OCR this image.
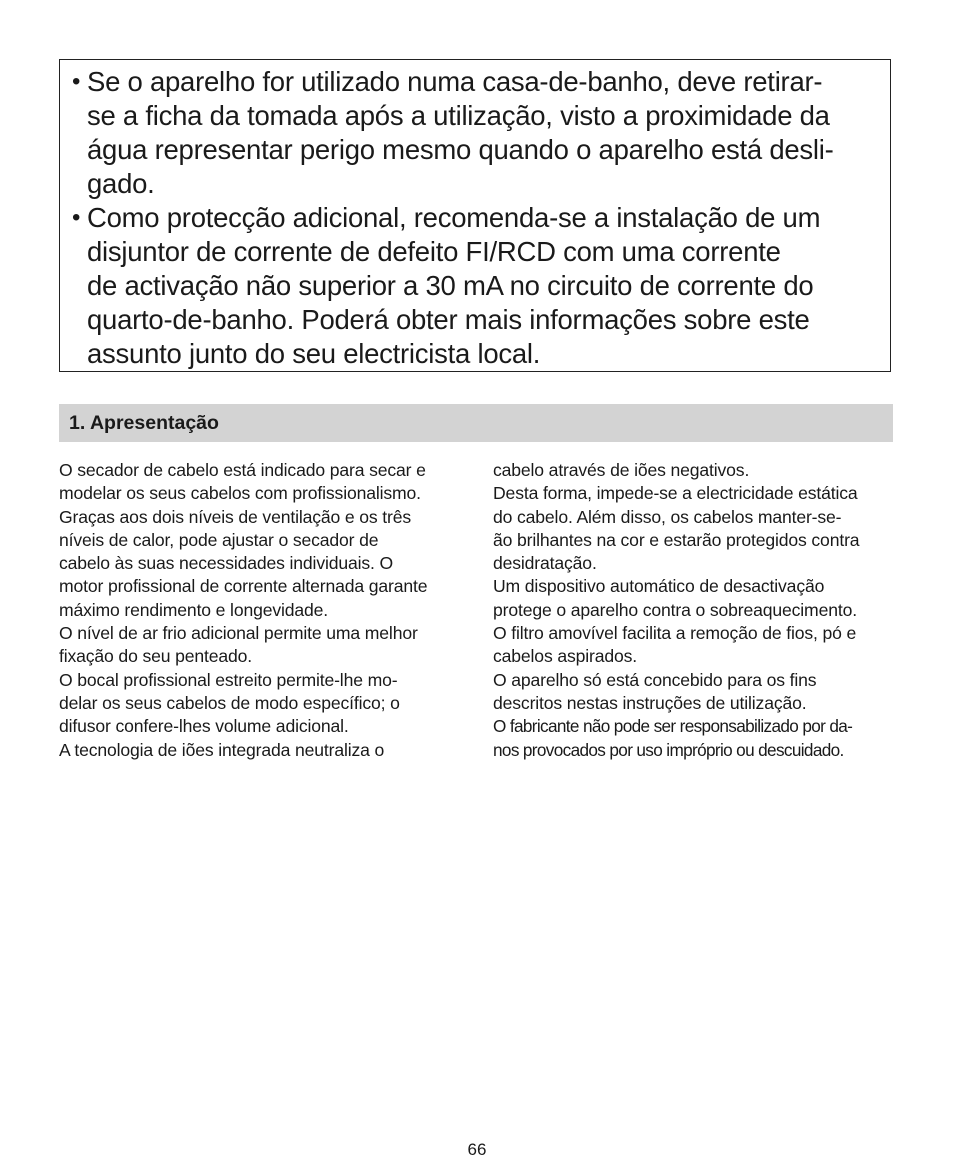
• Se o aparelho for utilizado numa casa-de-banho, deve retirar-
se a ficha da tomada após a utilização, visto a proximidade da
água representar perigo mesmo quando o aparelho está desli-
gado.
• Como protecção adicional, recomenda-se a instalação de um
disjuntor de corrente de defeito FI/RCD com uma corrente
de activação não superior a 30 mA no circuito de corrente do
quarto-de-banho. Poderá obter mais informações sobre este
assunto junto do seu electricista local.
1. Apresentação
O secador de cabelo está indicado para secar e
modelar os seus cabelos com profissionalismo.
Graças aos dois níveis de ventilação e os três
níveis de calor, pode ajustar o secador de
cabelo às suas necessidades individuais. O
motor profissional de corrente alternada garante
máximo rendimento e longevidade.
O nível de ar frio adicional permite uma melhor
fixação do seu penteado.
O bocal profissional estreito permite-lhe mo-
delar os seus cabelos de modo específico; o
difusor confere-lhes volume adicional.
A tecnologia de iões integrada neutraliza o
cabelo através de iões negativos.
Desta forma, impede-se a electricidade estática
do cabelo. Além disso, os cabelos manter-se-
ão brilhantes na cor e estarão protegidos contra
desidratação.
Um dispositivo automático de desactivação
protege o aparelho contra o sobreaquecimento.
O filtro amovível facilita a remoção de fios, pó e
cabelos aspirados.
O aparelho só está concebido para os fins
descritos nestas instruções de utilização.
O fabricante não pode ser responsabilizado por da-
nos provocados por uso impróprio ou descuidado.
66
